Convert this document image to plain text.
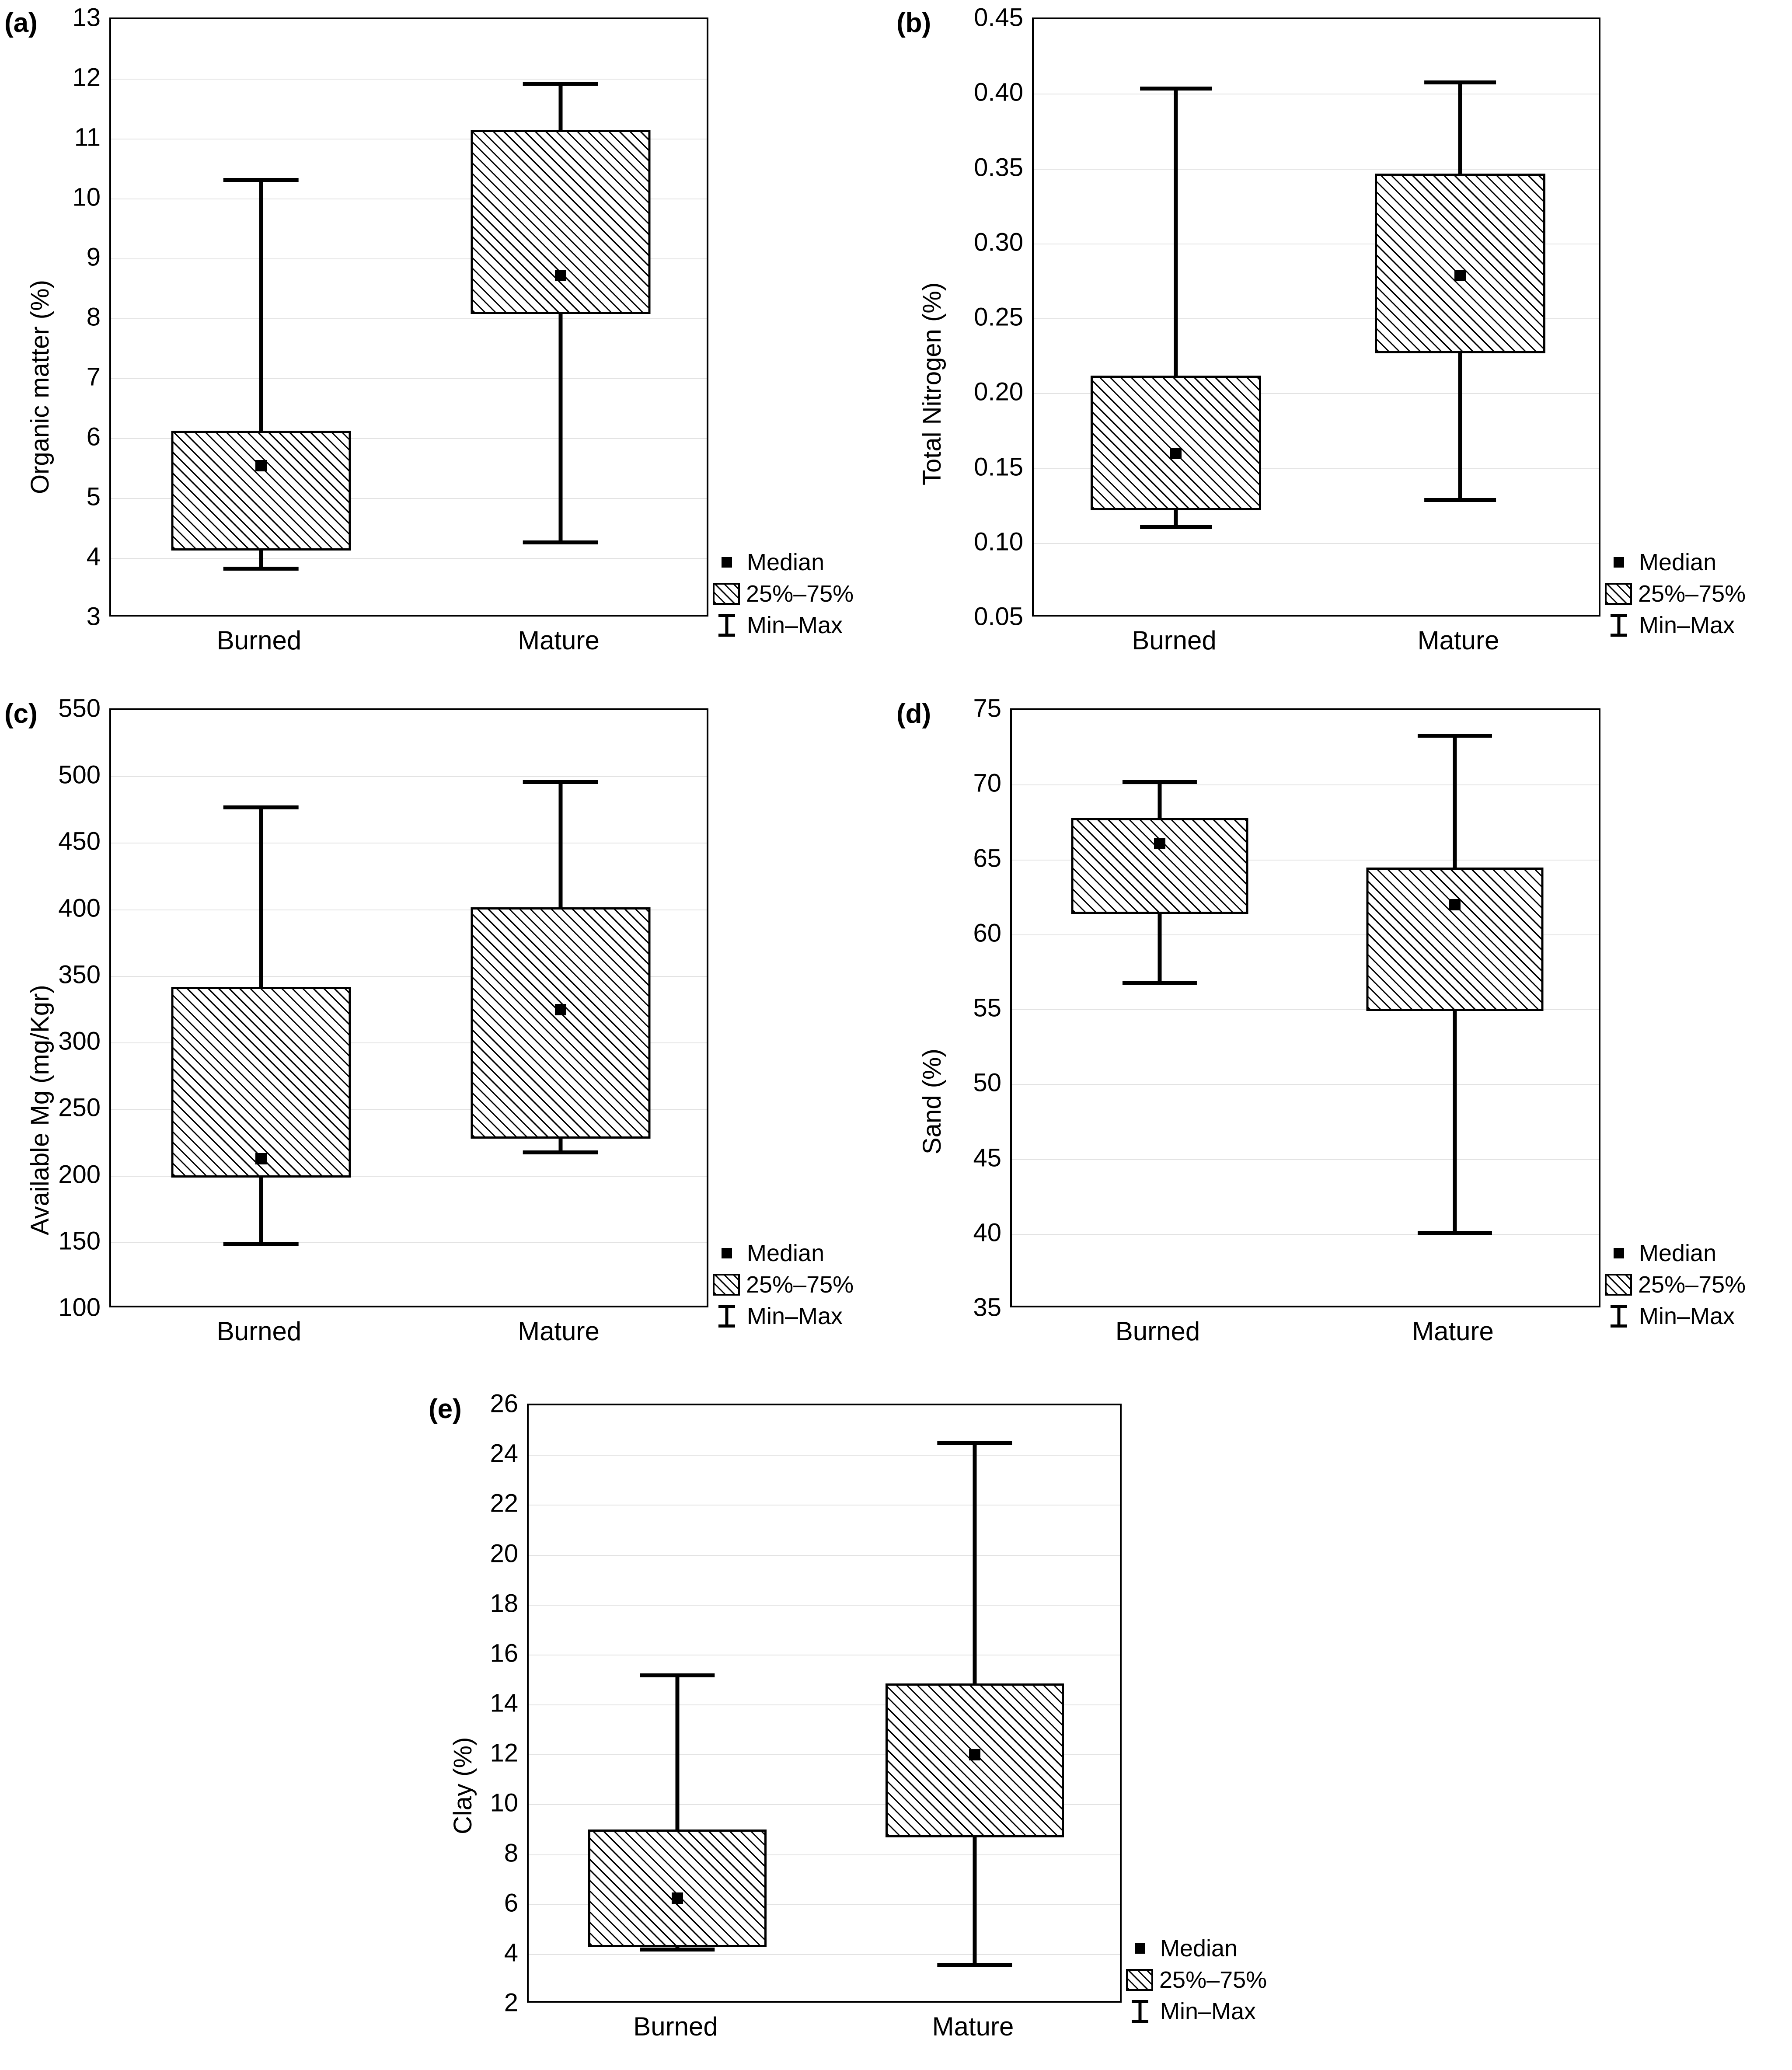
(a)
Organic matter (%)
Median
25%–75%
Min–Max
3
4
5
6
7
8
9
10
11
12
13
Burned	Mature
(b)
Total Nitrogen (%)
Median
25%–75%
Min–Max
0.05
0.10
0.15
0.20
0.25
0.30
0.35
0.40
0.45
Burned	Mature
(c)
Available Mg (mg/Kgr)
Median
25%–75%
Min–Max
100
150
200
250
300
350
400
450
500
550
Burned	Mature
(d)
Sand (%)
Median
25%–75%
Min–Max
35
40
45
50
55
60
65
70
75
Burned	Mature
(e)
Clay (%)
Median
25%–75%
Min–Max
2
4
6
8
10
12
14
16
18
20
22
24
26
Burned	Mature
